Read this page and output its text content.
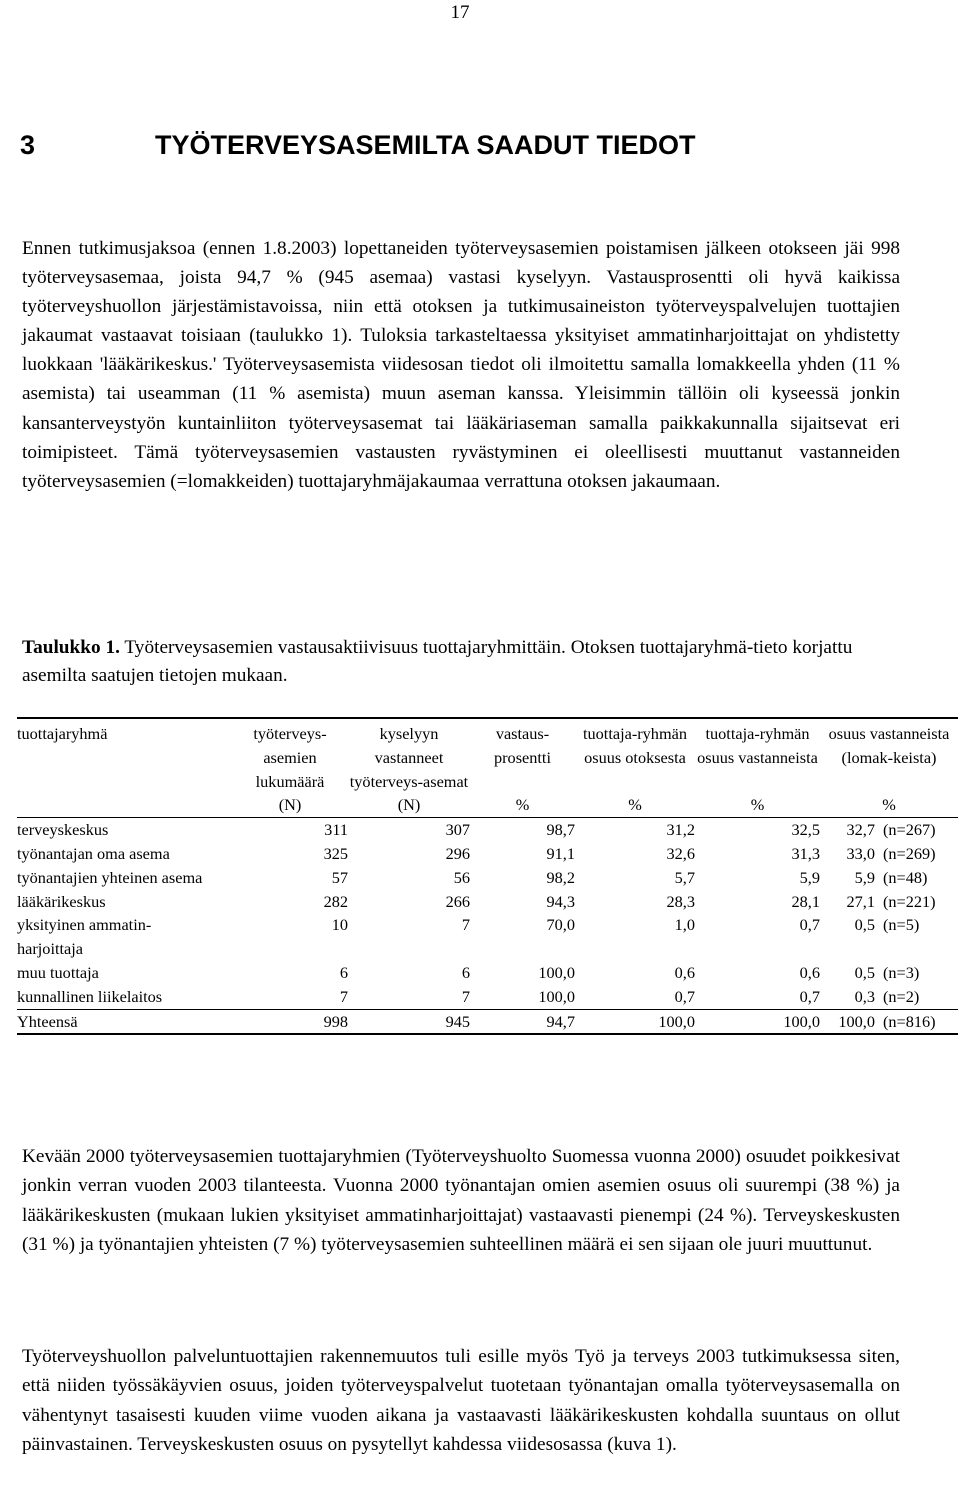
17
3	TYÖTERVEYSASEMILTA SAADUT TIEDOT

Ennen tutkimusjaksoa (ennen 1.8.2003) lopettaneiden työterveysasemien poistamisen jälkeen otokseen jäi 998 työterveysasemaa, joista 94,7 % (945 asemaa) vastasi kyselyyn. Vastausprosentti oli hyvä kaikissa työterveyshuollon järjestämistavoissa, niin että otoksen ja tutkimusaineiston työterveyspalvelujen tuottajien jakaumat vastaavat toisiaan (taulukko 1). Tuloksia tarkasteltaessa yksityiset ammatinharjoittajat on yhdistetty luokkaan 'lääkärikeskus.' Työterveysasemista viidesosan tiedot oli ilmoitettu samalla lomakkeella yhden (11 % asemista) tai useamman (11 % asemista) muun aseman kanssa. Yleisimmin tällöin oli kyseessä jonkin kansanterveystyön kuntainliiton työterveysasemat tai lääkäriaseman samalla paikkakunnalla sijaitsevat eri toimipisteet. Tämä työterveysasemien vastausten ryvästyminen ei oleellisesti muuttanut vastanneiden työterveysasemien (=lomakkeiden) tuottajaryhmäjakaumaa verrattuna otoksen jakaumaan.

Taulukko 1. Työterveysasemien vastausaktiivisuus tuottajaryhmittäin. Otoksen tuottajaryhmä-tieto korjattu asemilta saatujen tietojen mukaan.

tuottajaryhmä	työterveys-asemien lukumäärä	kyselyyn vastanneet työterveys-asemat	vastaus-prosentti	tuottaja-ryhmän osuus otoksesta	tuottaja-ryhmän osuus vastanneista	osuus vastanneista (lomak-keista)
	(N)	(N)	%	%	%	%

terveyskeskus	311	307	98,7	31,2	32,5	32,7 (n=267)

työnantajan oma asema	325	296	91,1	32,6	31,3	33,0 (n=269)

työnantajien yhteinen asema	57	56	98,2	5,7	5,9	5,9 (n=48)

lääkärikeskus	282	266	94,3	28,3	28,1	27,1 (n=221)

yksityinen ammatin-harjoittaja	10	7	70,0	1,0	0,7	0,5 (n=5)

muu tuottaja	6	6	100,0	0,6	0,6	0,5 (n=3)

kunnallinen liikelaitos	7	7	100,0	0,7	0,7	0,3 (n=2)

Yhteensä	998	945	94,7	100,0	100,0	100,0 (n=816)

Kevään 2000 työterveysasemien tuottajaryhmien (Työterveyshuolto Suomessa vuonna 2000) osuudet poikkesivat jonkin verran vuoden 2003 tilanteesta. Vuonna 2000 työnantajan omien asemien osuus oli suurempi (38 %) ja lääkärikeskusten (mukaan lukien yksityiset ammatinharjoittajat) vastaavasti pienempi (24 %). Terveyskeskusten (31 %) ja työnantajien yhteisten (7 %) työterveysasemien suhteellinen määrä ei sen sijaan ole juuri muuttunut.

Työterveyshuollon palveluntuottajien rakennemuutos tuli esille myös Työ ja terveys 2003 tutkimuksessa siten, että niiden työssäkäyvien osuus, joiden työterveyspalvelut tuotetaan työnantajan omalla työterveysasemalla on vähentynyt tasaisesti kuuden viime vuoden aikana ja vastaavasti lääkärikeskusten kohdalla suuntaus on ollut päinvastainen. Terveyskeskusten osuus on pysytellyt kahdessa viidesosassa (kuva 1).
